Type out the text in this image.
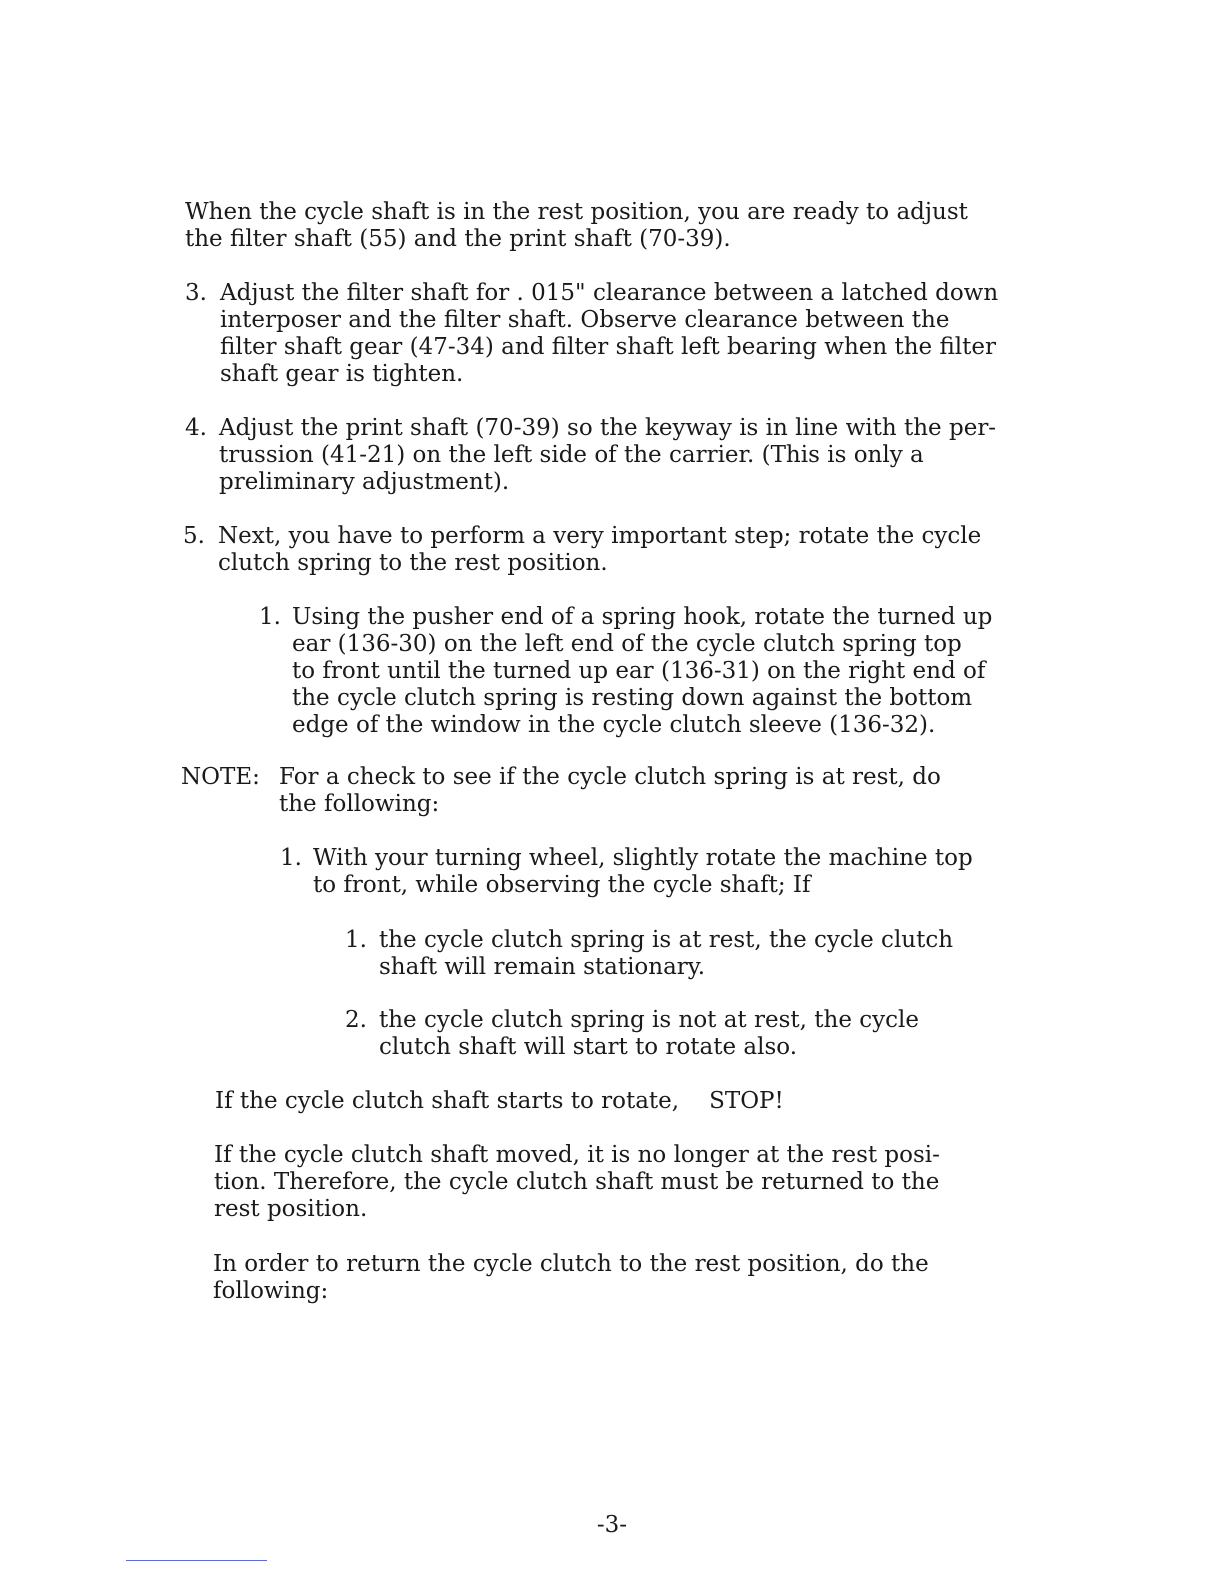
When the cycle shaft is in the rest position, you are ready to adjust
the filter shaft (55) and the print shaft (70-39).
3. Adjust the filter shaft for . 015" clearance between a latched down
interposer and the filter shaft. Observe clearance between the
filter shaft gear (47-34) and filter shaft left bearing when the filter
shaft gear is tighten.
4. Adjust the print shaft (70-39) so the keyway is in line with the per-
trussion (41-21) on the left side of the carrier. (This is only a
preliminary adjustment).
5. Next, you have to perform a very important step; rotate the cycle
clutch spring to the rest position.
1. Using the pusher end of a spring hook, rotate the turned up
ear (136-30) on the left end of the cycle clutch spring top
to front until the turned up ear (136-31) on the right end of
the cycle clutch spring is resting down against the bottom
edge of the window in the cycle clutch sleeve (136-32).
NOTE: For a check to see if the cycle clutch spring is at rest, do
the following:
1. With your turning wheel, slightly rotate the machine top
to front, while observing the cycle shaft; If
1. the cycle clutch spring is at rest, the cycle clutch
shaft will remain stationary.
2. the cycle clutch spring is not at rest, the cycle
clutch shaft will start to rotate also.
If the cycle clutch shaft starts to rotate, STOP!
If the cycle clutch shaft moved, it is no longer at the rest posi-
tion. Therefore, the cycle clutch shaft must be returned to the
rest position.
In order to return the cycle clutch to the rest position, do the
following:
-3-
